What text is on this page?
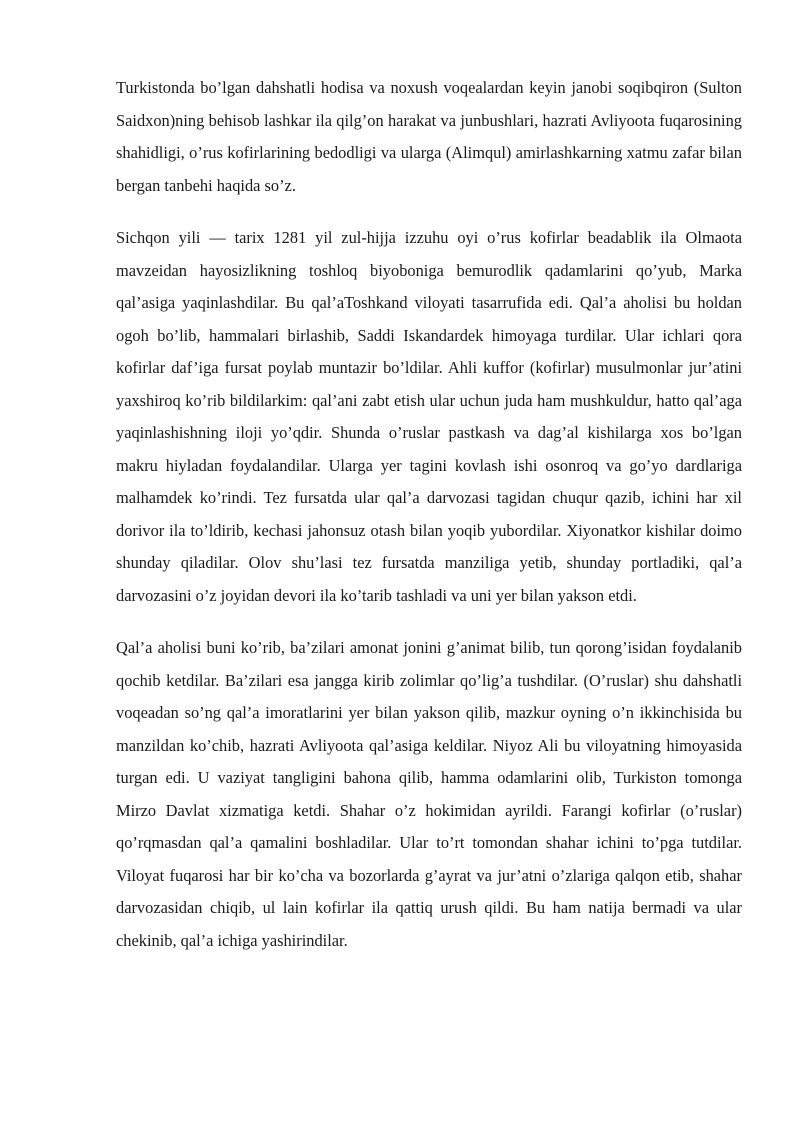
Turkistonda bo’lgan dahshatli hodisa va noxush voqealardan keyin janobi soqibqiron (Sulton Saidxon)ning behisob lashkar ila qilg’on harakat va junbushlari, hazrati Avliyoota fuqarosining shahidligi, o’rus kofirlarining bedodligi va ularga (Alimqul) amirlashkarning xatmu zafar bilan bergan tanbehi haqida so’z.

Sichqon yili — tarix 1281 yil zul-hijja izzuhu oyi o’rus kofirlar beadablik ila Olmaota mavzeidan hayosizlikning toshloq biyoboniga bemurodlik qadamlarini qo’yub, Marka qal’asiga yaqinlashdilar. Bu qal’aToshkand viloyati tasarrufida edi. Qal’a aholisi bu holdan ogoh bo’lib, hammalari birlashib, Saddi Iskandardek himoyaga turdilar. Ular ichlari qora kofirlar daf’iga fursat poylab muntazir bo’ldilar. Ahli kuffor (kofirlar) musulmonlar jur’atini yaxshiroq ko’rib bildilarkim: qal’ani zabt etish ular uchun juda ham mushkuldur, hatto qal’aga yaqinlashishning iloji yo’qdir. Shunda o’ruslar pastkash va dag’al kishilarga xos bo’lgan makru hiyladan foydalandilar. Ularga yer tagini kovlash ishi osonroq va go’yo dardlariga malhamdek ko’rindi. Tez fursatda ular qal’a darvozasi tagidan chuqur qazib, ichini har xil dorivor ila to’ldirib, kechasi jahonsuz otash bilan yoqib yubordilar. Xiyonatkor kishilar doimo shunday qiladilar. Olov shu’lasi tez fursatda manziliga yetib, shunday portladiki, qal’a darvozasini o’z joyidan devori ila ko’tarib tashladi va uni yer bilan yakson etdi.

Qal’a aholisi buni ko’rib, ba’zilari amonat jonini g’animat bilib, tun qorong’isidan foydalanib qochib ketdilar. Ba’zilari esa jangga kirib zolimlar qo’lig’a tushdilar. (O’ruslar) shu dahshatli voqeadan so’ng qal’a imoratlarini yer bilan yakson qilib, mazkur oyning o’n ikkinchisida bu manzildan ko’chib, hazrati Avliyoota qal’asiga keldilar. Niyoz Ali bu viloyatning himoyasida turgan edi. U vaziyat tangligini bahona qilib, hamma odamlarini olib, Turkiston tomonga Mirzo Davlat xizmatiga ketdi. Shahar o’z hokimidan ayrildi. Farangi kofirlar (o’ruslar) qo’rqmasdan qal’a qamalini boshladilar. Ular to’rt tomondan shahar ichini to’pga tutdilar. Viloyat fuqarosi har bir ko’cha va bozorlarda g’ayrat va jur’atni o’zlariga qalqon etib, shahar darvozasidan chiqib, ul lain kofirlar ila qattiq urush qildi. Bu ham natija bermadi va ular chekinib, qal’a ichiga yashirindilar.
